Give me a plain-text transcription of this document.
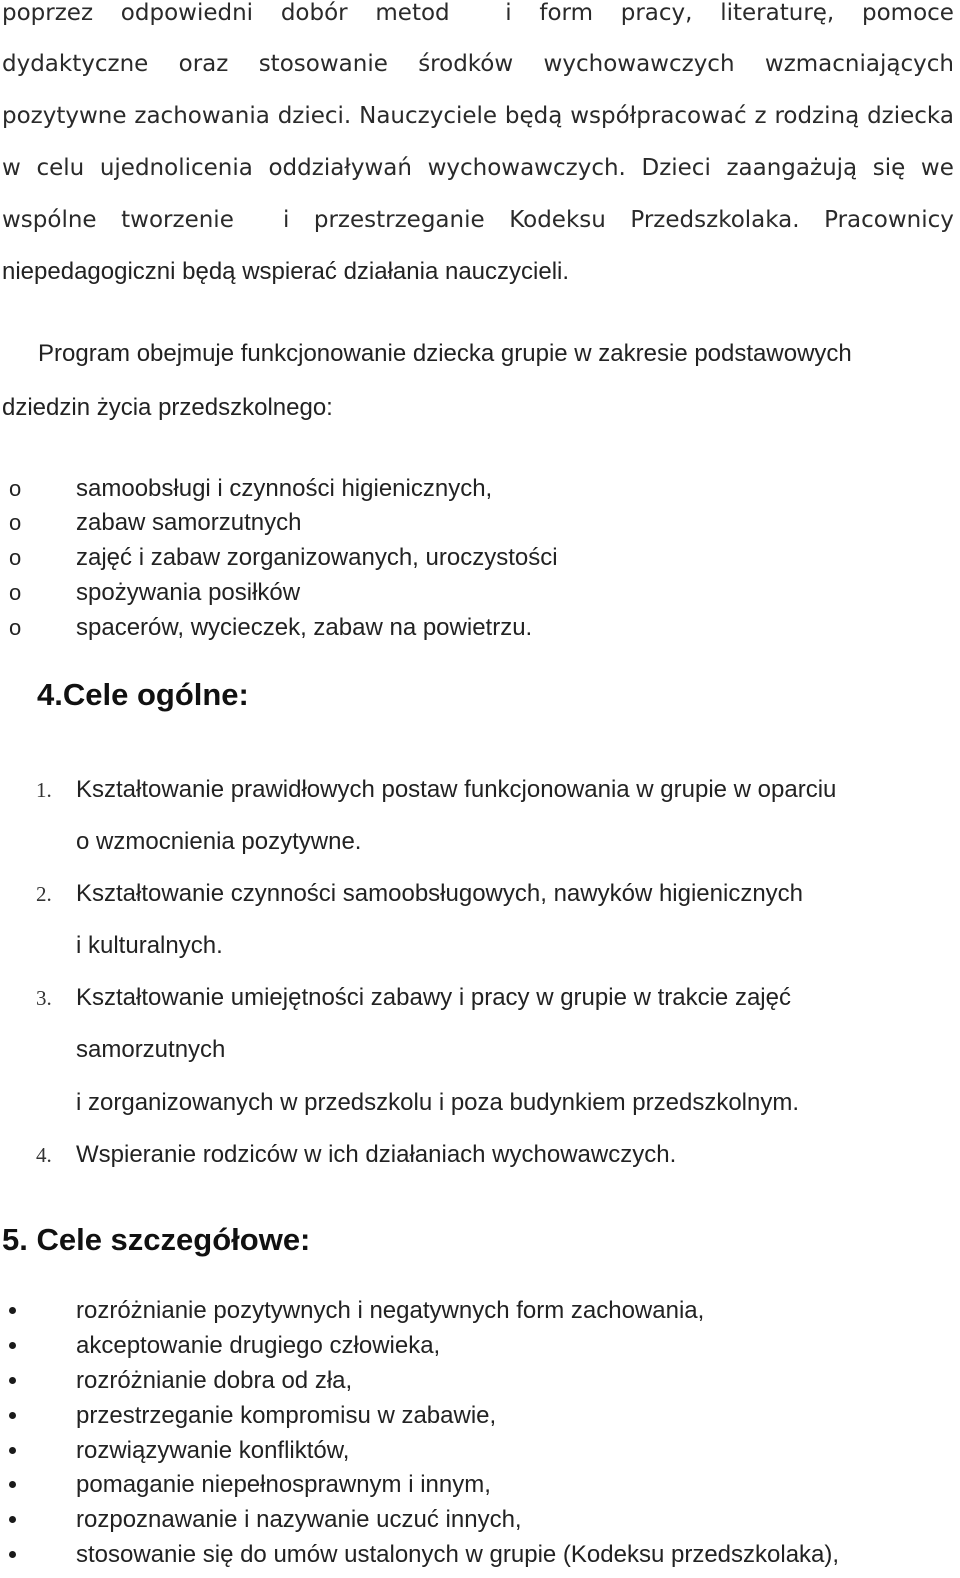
poprzez odpowiedni dobór metod i form pracy, literaturę, pomoce
dydaktyczne oraz stosowanie środków wychowawczych wzmacniających
pozytywne zachowania dzieci. Nauczyciele będą współpracować z rodziną dziecka
w celu ujednolicenia oddziaływań wychowawczych. Dzieci zaangażują się we
wspólne tworzenie i przestrzeganie Kodeksu Przedszkolaka. Pracownicy
niepedagogiczni będą wspierać działania nauczycieli.
Program obejmuje funkcjonowanie dziecka grupie w zakresie podstawowych
dziedzin życia przedszkolnego:
o samoobsługi i czynności higienicznych,
o zabaw samorzutnych
o zajęć i zabaw zorganizowanych, uroczystości
o spożywania posiłków
o spacerów, wycieczek, zabaw na powietrzu.
4.Cele ogólne:
1. Kształtowanie prawidłowych postaw funkcjonowania w grupie w oparciu
o wzmocnienia pozytywne.
2. Kształtowanie czynności samoobsługowych, nawyków higienicznych
i kulturalnych.
3. Kształtowanie umiejętności zabawy i pracy w grupie w trakcie zajęć
samorzutnych
i zorganizowanych w przedszkolu i poza budynkiem przedszkolnym.
4. Wspieranie rodziców w ich działaniach wychowawczych.
5. Cele szczegółowe:
rozróżnianie pozytywnych i negatywnych form zachowania,
akceptowanie drugiego człowieka,
rozróżnianie dobra od zła,
przestrzeganie kompromisu w zabawie,
rozwiązywanie konfliktów,
pomaganie niepełnosprawnym i innym,
rozpoznawanie i nazywanie uczuć innych,
stosowanie się do umów ustalonych w grupie (Kodeksu przedszkolaka),
